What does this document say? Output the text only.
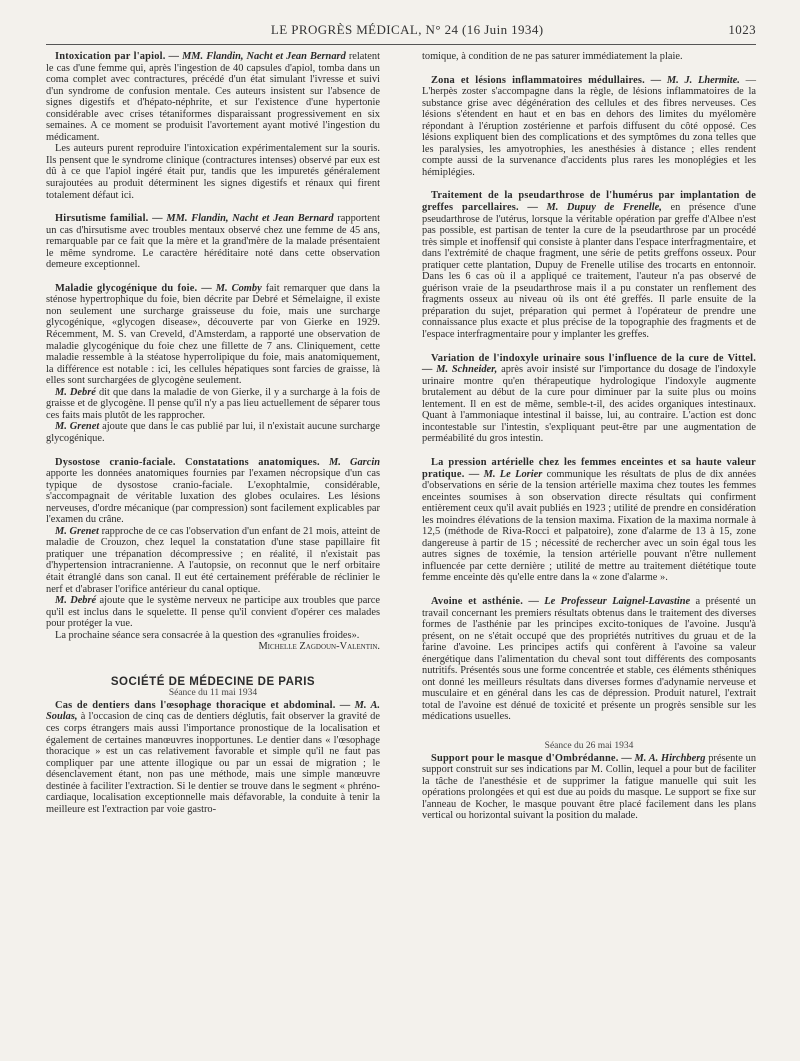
LE PROGRÈS MÉDICAL, N° 24 (16 Juin 1934)	1023

Intoxication par l'apiol. — MM. Flandin, Nacht et Jean Bernard relatent le cas d'une femme qui, après l'ingestion de 40 capsules d'apiol, tomba dans un coma complet avec contractures, précédé d'un état simulant l'ivresse et suivi d'un syndrome de confusion mentale. Ces auteurs insistent sur l'absence de signes digestifs et d'hépato-néphrite, et sur l'existence d'une hypertonie considérable avec crises tétaniformes disparaissant progressivement en six semaines. A ce moment se produisit l'avortement ayant motivé l'ingestion du médicament.

Les auteurs purent reproduire l'intoxication expérimentalement sur la souris. Ils pensent que le syndrome clinique (contractures intenses) observé par eux est dû à ce que l'apiol ingéré était pur, tandis que les impuretés généralement surajoutées au produit déterminent les signes digestifs et rénaux qui firent totalement défaut ici.

Hirsutisme familial. — MM. Flandin, Nacht et Jean Bernard rapportent un cas d'hirsutisme avec troubles mentaux observé chez une femme de 45 ans, remarquable par ce fait que la mère et la grand'mère de la malade présentaient le même syndrome. Le caractère héréditaire noté dans cette observation demeure exceptionnel.

Maladie glycogénique du foie. — M. Comby fait remarquer que dans la sténose hypertrophique du foie, bien décrite par Debré et Sémelaigne, il existe non seulement une surcharge graisseuse du foie, mais une surcharge glycogénique, «glycogen disease», découverte par von Gierke en 1929. Récemment, M. S. van Creveld, d'Amsterdam, a rapporté une observation de maladie glycogénique du foie chez une fillette de 7 ans. Cliniquement, cette maladie ressemble à la stéatose hyperrolipique du foie, mais anatomiquement, la différence est notable : ici, les cellules hépatiques sont farcies de graisse, là elles sont surchargées de glycogène seulement.

M. Debré dit que dans la maladie de von Gierke, il y a surcharge à la fois de graisse et de glycogène. Il pense qu'il n'y a pas lieu actuellement de séparer tous ces faits mais plutôt de les rapprocher.

M. Grenet ajoute que dans le cas publié par lui, il n'existait aucune surcharge glycogénique.

Dysostose cranio-faciale. Constatations anatomiques. M. Garcin apporte les données anatomiques fournies par l'examen nécropsique d'un cas typique de dysostose cranio-faciale. L'exophtalmie, considérable, s'accompagnait de véritable luxation des globes oculaires. Les lésions nerveuses, d'ordre mécanique (par compression) sont facilement explicables par l'examen du crâne.

M. Grenet rapproche de ce cas l'observation d'un enfant de 21 mois, atteint de maladie de Crouzon, chez lequel la constatation d'une stase papillaire fit pratiquer une trépanation décompressive ; en réalité, il n'existait pas d'hypertension intracranienne. A l'autopsie, on reconnut que le nerf orbitaire était étranglé dans son canal. Il eut été certainement préférable de réclinier le nerf et d'abraser l'orifice antérieur du canal optique.

M. Debré ajoute que le système nerveux ne participe aux troubles que parce qu'il est inclus dans le squelette. Il pense qu'il convient d'opérer ces malades pour protéger la vue.

La prochaine séance sera consacrée à la question des «granulies froides».

Michelle Zagdoun-Valentin.

SOCIÉTÉ DE MÉDECINE DE PARIS

Séance du 11 mai 1934

Cas de dentiers dans l'œsophage thoracique et abdominal. — M. A. Soulas, à l'occasion de cinq cas de dentiers déglutis, fait observer la gravité de ces corps étrangers mais aussi l'importance pronostique de la localisation et également de certaines manœuvres inopportunes. Le dentier dans « l'œsophage thoracique » est un cas relativement favorable et simple qu'il ne faut pas compliquer par une attente illogique ou par un essai de migration ; le désenclavement étant, non pas une méthode, mais une simple manœuvre destinée à faciliter l'extraction. Si le dentier se trouve dans le segment « phréno-cardiaque, localisation exceptionnelle mais défavorable, la conduite à tenir la meilleure est l'extraction par voie gastro-

tomique, à condition de ne pas saturer immédiatement la plaie.

Zona et lésions inflammatoires médullaires. — M. J. Lhermite. — L'herpès zoster s'accompagne dans la règle, de lésions inflammatoires de la substance grise avec dégénération des cellules et des fibres nerveuses. Ces lésions s'étendent en haut et en bas en dehors des limites du myélomère répondant à l'éruption zostérienne et parfois diffusent du côté opposé. Ces lésions expliquent bien des complications et des symptômes du zona telles que les paralysies, les amyotrophies, les anesthésies à distance ; elles rendent compte aussi de la survenance d'accidents plus rares les monoplégies et les hémiplégies.

Traitement de la pseudarthrose de l'humérus par implantation de greffes parcellaires. — M. Dupuy de Frenelle, en présence d'une pseudarthrose de l'utérus, lorsque la véritable opération par greffe d'Albee n'est pas possible, est partisan de tenter la cure de la pseudarthrose par un procédé très simple et inoffensif qui consiste à planter dans l'espace interfragmentaire, et dans l'extrémité de chaque fragment, une série de petits greffons osseux. Pour pratiquer cette plantation, Dupuy de Frenelle utilise des trocarts en entonnoir. Dans les 6 cas où il a appliqué ce traitement, l'auteur n'a pas observé de guérison vraie de la pseudarthrose mais il a pu constater un renflement des fragments osseux au niveau où ils ont été greffés. Il parle ensuite de la préparation du sujet, préparation qui permet à l'opérateur de prendre une connaissance plus exacte et plus précise de la topographie des fragments et de l'espace interfragmentaire pour y implanter les greffes.

Variation de l'indoxyle urinaire sous l'influence de la cure de Vittel. — M. Schneider, après avoir insisté sur l'importance du dosage de l'indoxyle urinaire montre qu'en thérapeutique hydrologique l'indoxyle augmente brutalement au début de la cure pour diminuer par la suite plus ou moins lentement. Il en est de même, semble-t-il, des acides organiques intestinaux. Quant à l'ammoniaque intestinal il baisse, lui, au contraire. L'action est donc incontestable sur l'intestin, s'expliquant peut-être par une augmentation de perméabilité du gros intestin.

La pression artérielle chez les femmes enceintes et sa haute valeur pratique. — M. Le Lorier communique les résultats de plus de dix années d'observations en série de la tension artérielle maxima chez toutes les femmes enceintes soumises à son observation directe résultats qui confirment entièrement ceux qu'il avait publiés en 1923 ; utilité de prendre en considération les moindres élévations de la tension maxima. Fixation de la maxima normale à 12,5 (méthode de Riva-Rocci et palpatoire), zone d'alarme de 13 à 15, zone dangereuse à partir de 15 ; nécessité de rechercher avec un soin égal tous les autres signes de toxémie, la tension artérielle pouvant n'être nullement influencée par cette dernière ; utilité de mettre au traitement diététique toute femme enceinte dès qu'elle entre dans la « zone d'alarme ».

Avoine et asthénie. — Le Professeur Laignel-Lavastine a présenté un travail concernant les premiers résultats obtenus dans le traitement des diverses formes de l'asthénie par les principes excito-toniques de l'avoine. Jusqu'à présent, on ne s'était occupé que des propriétés nutritives du gruau et de la farine d'avoine. Les principes actifs qui confèrent à l'avoine sa valeur énergétique dans l'alimentation du cheval sont tout différents des composants nutritifs. Présentés sous une forme concentrée et stable, ces éléments sthéniques ont donné les meilleurs résultats dans diverses formes d'adynamie nerveuse et musculaire et en général dans les cas de dépression. Produit naturel, l'extrait total de l'avoine est dénué de toxicité et présente un progrès sensible sur les médications usuelles.

Séance du 26 mai 1934

Support pour le masque d'Ombrédanne. — M. A. Hirchberg présente un support construit sur ses indications par M. Collin, lequel a pour but de faciliter la tâche de l'anesthésie et de supprimer la fatigue manuelle qui suit les opérations prolongées et qui est due au poids du masque. Le support se fixe sur l'anneau de Kocher, le masque pouvant être placé facilement dans les plans vertical ou horizontal suivant la position du malade.
